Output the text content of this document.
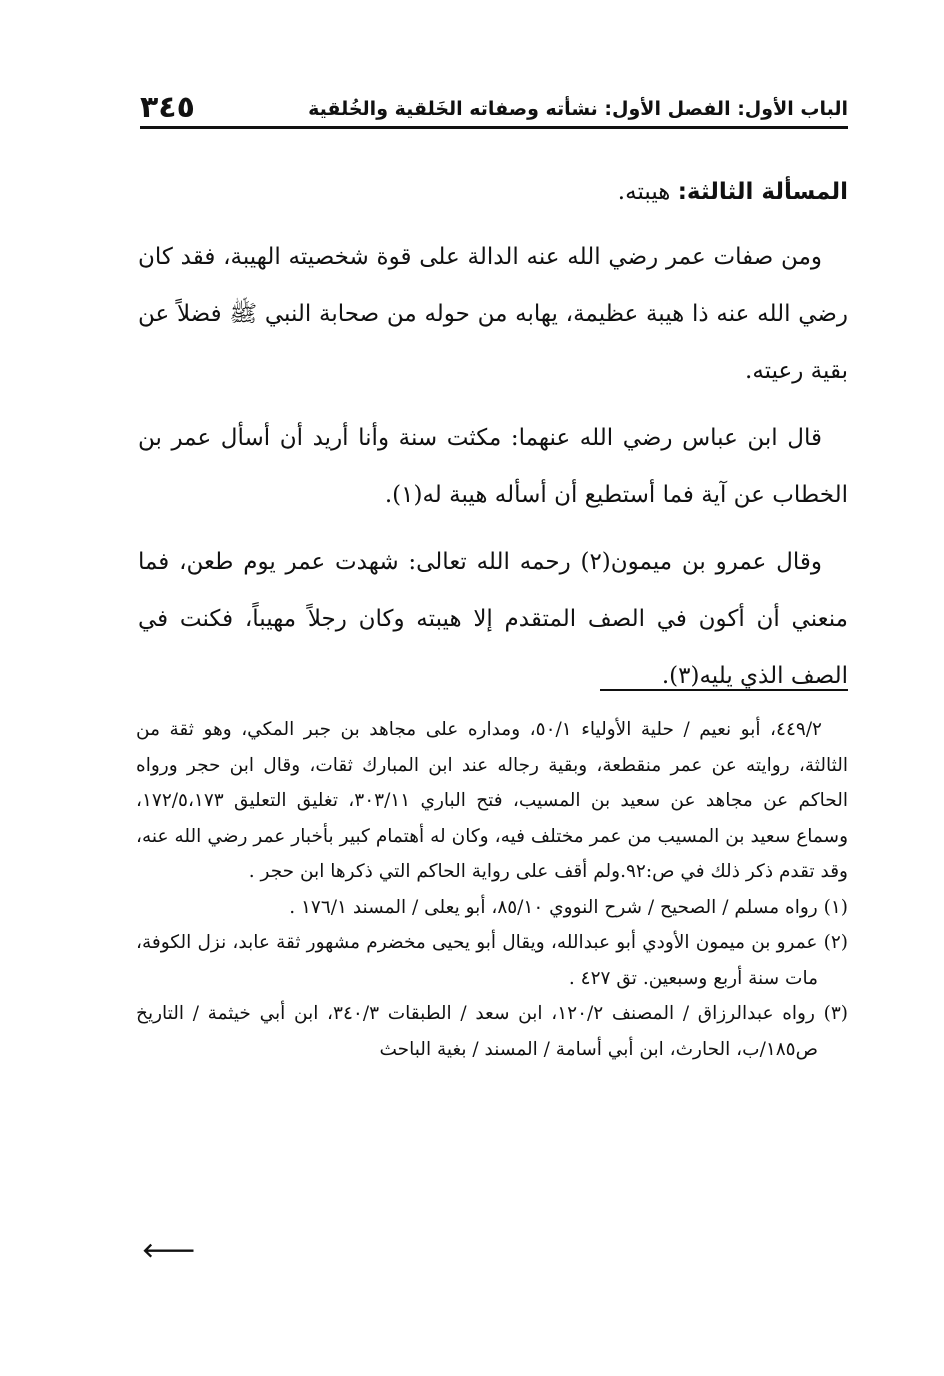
٣٤٥	الباب الأول: الفصل الأول: نشأته وصفاته الخَلقية والخُلقية

المسألة الثالثة: هيبته.

ومن صفات عمر رضي الله عنه الدالة على قوة شخصيته الهيبة، فقد كان رضي الله عنه ذا هيبة عظيمة، يهابه من حوله من صحابة النبي ﷺ فضلاً عن بقية رعيته.

قال ابن عباس رضي الله عنهما: مكثت سنة وأنا أريد أن أسأل عمر بن الخطاب عن آية فما أستطيع أن أسأله هيبة له(١).

وقال عمرو بن ميمون(٢) رحمه الله تعالى: شهدت عمر يوم طعن، فما منعني أن أكون في الصف المتقدم إلا هيبته وكان رجلاً مهيباً، فكنت في الصف الذي يليه(٣).

٤٤٩/٢، أبو نعيم / حلية الأولياء ٥٠/١، ومداره على مجاهد بن جبر المكي، وهو ثقة من الثالثة، روايته عن عمر منقطعة، وبقية رجاله عند ابن المبارك ثقات، وقال ابن حجر ورواه الحاكم عن مجاهد عن سعيد بن المسيب، فتح الباري ٣٠٣/١١، تغليق التعليق ١٧٢/٥،١٧٣، وسماع سعيد بن المسيب من عمر مختلف فيه، وكان له أهتمام كبير بأخبار عمر رضي الله عنه، وقد تقدم ذكر ذلك في ص:٩٢.ولم أقف على رواية الحاكم التي ذكرها ابن حجر .

(١) رواه مسلم / الصحيح / شرح النووي ٨٥/١٠، أبو يعلى / المسند ١٧٦/١ .

(٢) عمرو بن ميمون الأودي أبو عبدالله، ويقال أبو يحيى مخضرم مشهور ثقة عابد، نزل الكوفة، مات سنة أربع وسبعين. تق ٤٢٧ .

(٣) رواه عبدالرزاق / المصنف ١٢٠/٢، ابن سعد / الطبقات ٣٤٠/٣، ابن أبي خيثمة / التاريخ ص١٨٥/ب، الحارث، ابن أبي أسامة / المسند / بغية الباحث

🡐
